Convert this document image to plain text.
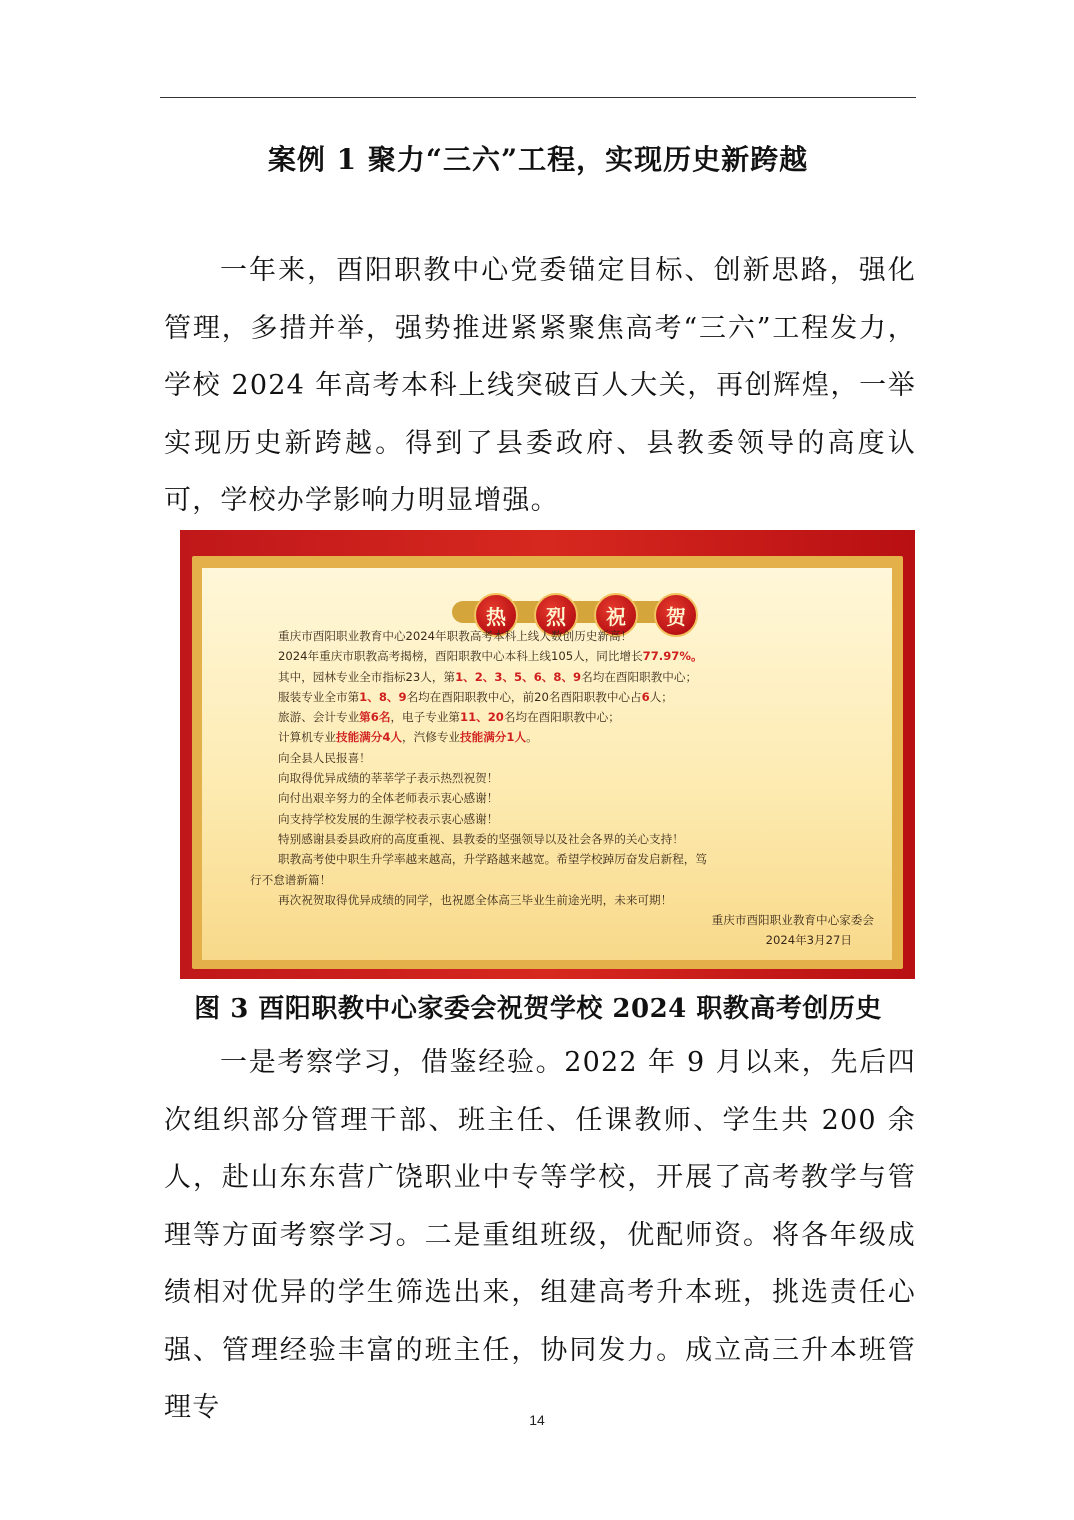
案例 1 聚力“三六”工程，实现历史新跨越
一年来，酉阳职教中心党委锚定目标、创新思路，强化管理，多措并举，强势推进紧紧聚焦高考“三六”工程发力，学校 2024 年高考本科上线突破百人大关，再创辉煌，一举实现历史新跨越。得到了县委政府、县教委领导的高度认可，学校办学影响力明显增强。
热	烈	祝	贺
重庆市酉阳职业教育中心2024年职教高考本科上线人数创历史新高！
2024年重庆市职教高考揭榜，酉阳职教中心本科上线105人，同比增长77.97%。
其中，园林专业全市指标23人，第1、2、3、5、6、8、9名均在酉阳职教中心；
服装专业全市第1、8、9名均在酉阳职教中心，前20名酉阳职教中心占6人；
旅游、会计专业第6名，电子专业第11、20名均在酉阳职教中心；
计算机专业技能满分4人，汽修专业技能满分1人。
向全县人民报喜！
向取得优异成绩的莘莘学子表示热烈祝贺！
向付出艰辛努力的全体老师表示衷心感谢！
向支持学校发展的生源学校表示衷心感谢！
特别感谢县委县政府的高度重视、县教委的坚强领导以及社会各界的关心支持！
职教高考使中职生升学率越来越高，升学路越来越宽。希望学校踔厉奋发启新程，笃
行不怠谱新篇！
再次祝贺取得优异成绩的同学，也祝愿全体高三毕业生前途光明，未来可期！
重庆市酉阳职业教育中心家委会
2024年3月27日
图 3 酉阳职教中心家委会祝贺学校 2024 职教高考创历史
一是考察学习，借鉴经验。2022 年 9 月以来，先后四次组织部分管理干部、班主任、任课教师、学生共 200 余人，赴山东东营广饶职业中专等学校，开展了高考教学与管理等方面考察学习。二是重组班级，优配师资。将各年级成绩相对优异的学生筛选出来，组建高考升本班，挑选责任心强、管理经验丰富的班主任，协同发力。成立高三升本班管理专	14
